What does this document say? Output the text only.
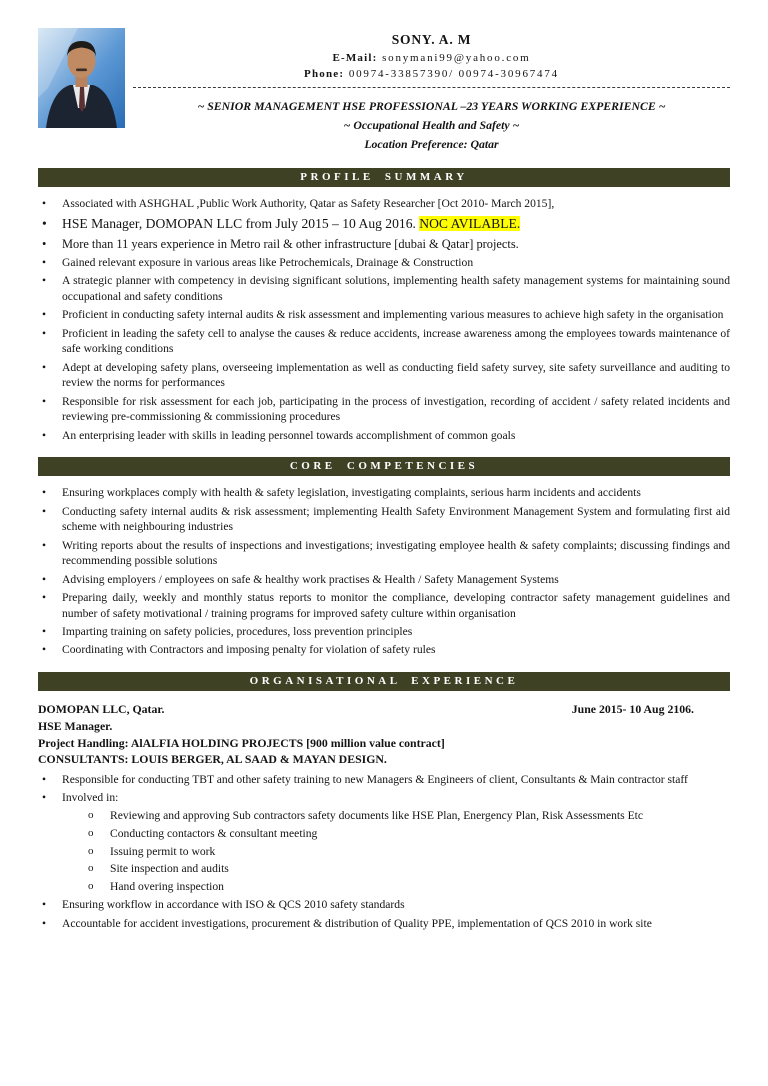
SONY. A. M
E-Mail: sonymani99@yahoo.com
Phone: 00974-33857390/ 00974-30967474
~ SENIOR MANAGEMENT HSE PROFESSIONAL –23 YEARS WORKING EXPERIENCE ~
~ Occupational Health and Safety ~
Location Preference: Qatar
PROFILE SUMMARY
• Associated with ASHGHAL ,Public Work Authority, Qatar as Safety Researcher [Oct 2010- March 2015],
• HSE Manager, DOMOPAN LLC from July 2015 – 10 Aug 2016. NOC AVILABLE.
• More than 11 years experience in Metro rail & other infrastructure [dubai & Qatar] projects.
• Gained relevant exposure in various areas like Petrochemicals, Drainage & Construction
• A strategic planner with competency in devising significant solutions, implementing health safety management systems for maintaining sound occupational and safety conditions
• Proficient in conducting safety internal audits & risk assessment and implementing various measures to achieve high safety in the organisation
• Proficient in leading the safety cell to analyse the causes & reduce accidents, increase awareness among the employees towards maintenance of safe working conditions
• Adept at developing safety plans, overseeing implementation as well as conducting field safety survey, site safety surveillance and auditing to review the norms for performances
• Responsible for risk assessment for each job, participating in the process of investigation, recording of accident / safety related incidents and reviewing pre-commissioning & commissioning procedures
• An enterprising leader with skills in leading personnel towards accomplishment of common goals
CORE COMPETENCIES
• Ensuring workplaces comply with health & safety legislation, investigating complaints, serious harm incidents and accidents
• Conducting safety internal audits & risk assessment; implementing Health Safety Environment Management System and formulating first aid scheme with neighbouring industries
• Writing reports about the results of inspections and investigations; investigating employee health & safety complaints; discussing findings and recommending possible solutions
• Advising employers / employees on safe & healthy work practises & Health / Safety Management Systems
• Preparing daily, weekly and monthly status reports to monitor the compliance, developing contractor safety management guidelines and number of safety motivational / training programs for improved safety culture within organisation
• Imparting training on safety policies, procedures, loss prevention principles
• Coordinating with Contractors and imposing penalty for violation of safety rules
ORGANISATIONAL EXPERIENCE
DOMOPAN LLC, Qatar.	June 2015- 10 Aug 2106.
HSE Manager.
Project Handling: AlALFIA HOLDING PROJECTS [900 million value contract]
CONSULTANTS: LOUIS BERGER, AL SAAD & MAYAN DESIGN.
• Responsible for conducting TBT and other safety training to new Managers & Engineers of client, Consultants & Main contractor staff
• Involved in:
o Reviewing and approving Sub contractors safety documents like HSE Plan, Energency Plan, Risk Assessments Etc
o Conducting contactors & consultant meeting
o Issuing permit to work
o Site inspection and audits
o Hand overing inspection
• Ensuring workflow in accordance with ISO & QCS 2010 safety standards
• Accountable for accident investigations, procurement & distribution of Quality PPE, implementation of QCS 2010 in work site
